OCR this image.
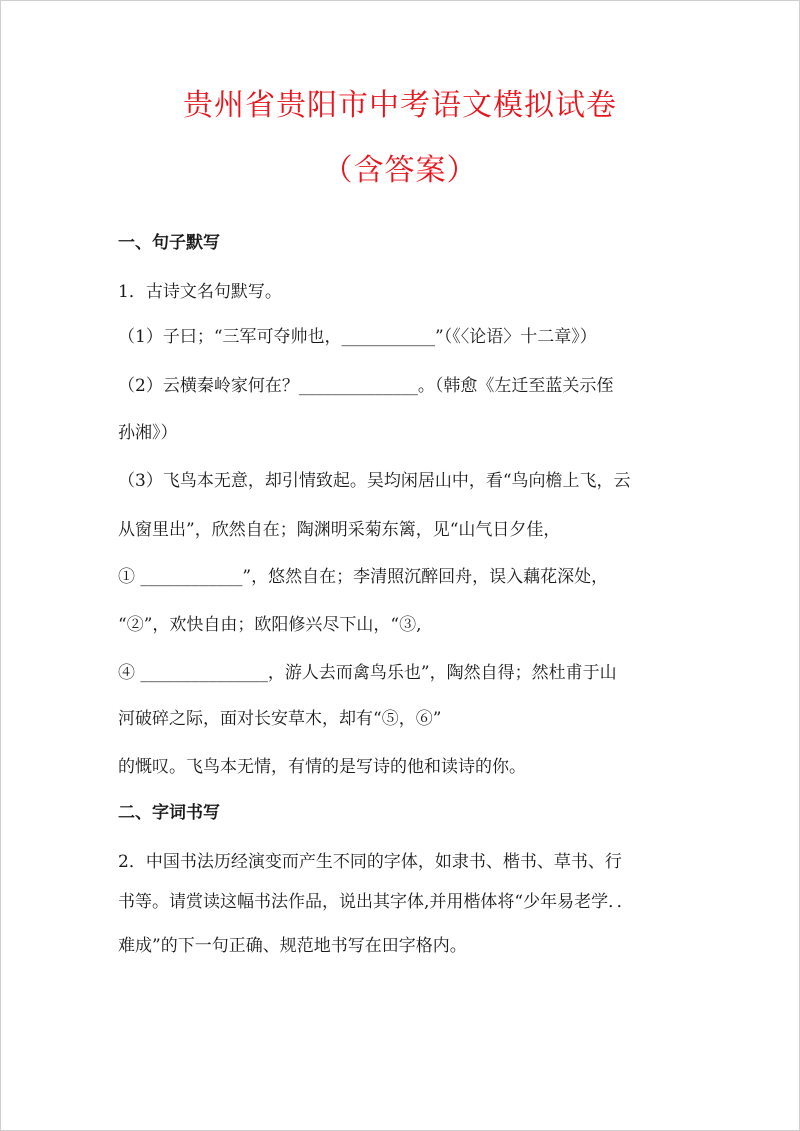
贵州省贵阳市中考语文模拟试卷
（含答案）
一、句子默写
1．古诗文名句默写。
（1）子曰；“三军可夺帅也，___________”（《〈论语〉十二章》）
（2）云横秦岭家何在？______________。（韩愈《左迁至蓝关示侄
孙湘》）
（3）飞鸟本无意，却引情致起。吴均闲居山中，看“鸟向檐上飞，云
从窗里出”，欣然自在；陶渊明采菊东篱，见“山气日夕佳，
① ____________”，悠然自在；李清照沉醉回舟，误入藕花深处，
“②”，欢快自由；欧阳修兴尽下山，“③,
④ _______________，游人去而禽鸟乐也”，陶然自得；然杜甫于山
河破碎之际，面对长安草木，却有“⑤，⑥”
的慨叹。飞鸟本无情，有情的是写诗的他和读诗的你。
二、字词书写
2．中国书法历经演变而产生不同的字体，如隶书、楷书、草书、行
书等。请赏读这幅书法作品，说出其字体,并用楷体将“少年易老学．．
难成”的下一句正确、规范地书写在田字格内。
